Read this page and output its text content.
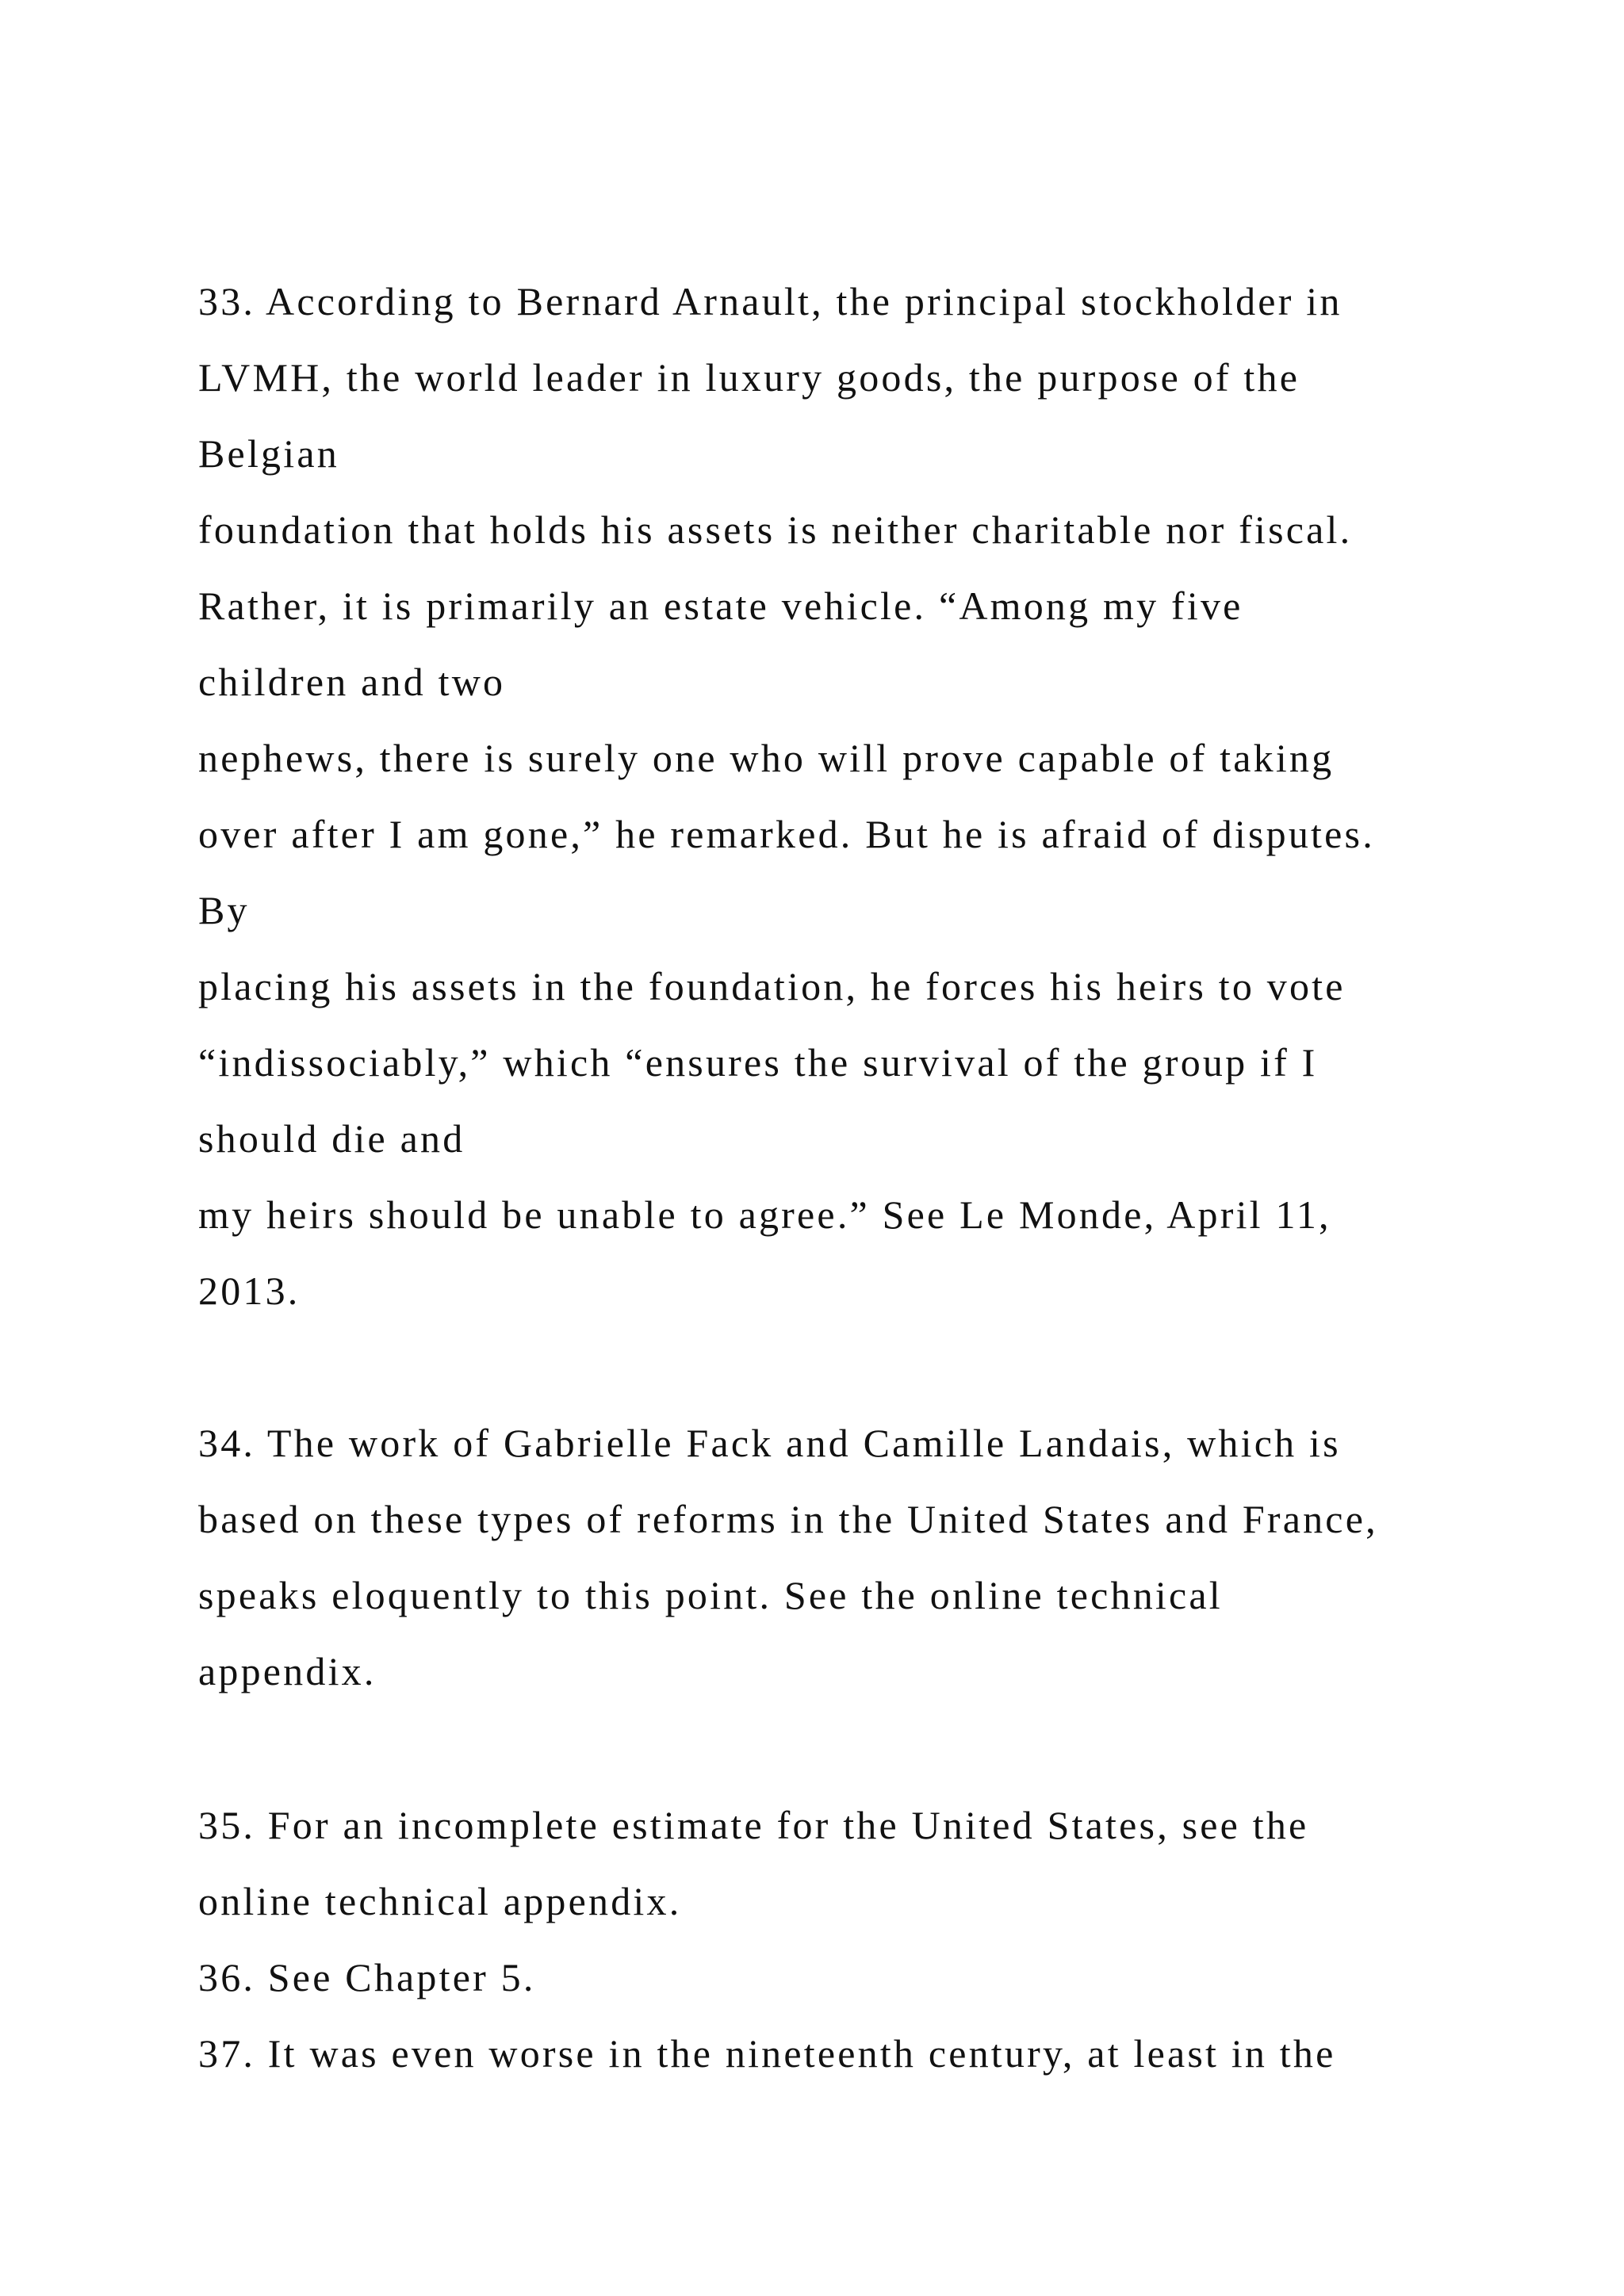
33. According to Bernard Arnault, the principal stockholder in

LVMH, the world leader in luxury goods, the purpose of the

Belgian

foundation that holds his assets is neither charitable nor fiscal.

Rather, it is primarily an estate vehicle. “Among my five

children and two

nephews, there is surely one who will prove capable of taking

over after I am gone,” he remarked. But he is afraid of disputes.

By

placing his assets in the foundation, he forces his heirs to vote

“indissociably,” which “ensures the survival of the group if I

should die and

my heirs should be unable to agree.” See Le Monde, April 11,

2013.

34. The work of Gabrielle Fack and Camille Landais, which is

based on these types of reforms in the United States and France,

speaks eloquently to this point. See the online technical

appendix.

35. For an incomplete estimate for the United States, see the

online technical appendix.

36. See Chapter 5.

37. It was even worse in the nineteenth century, at least in the
